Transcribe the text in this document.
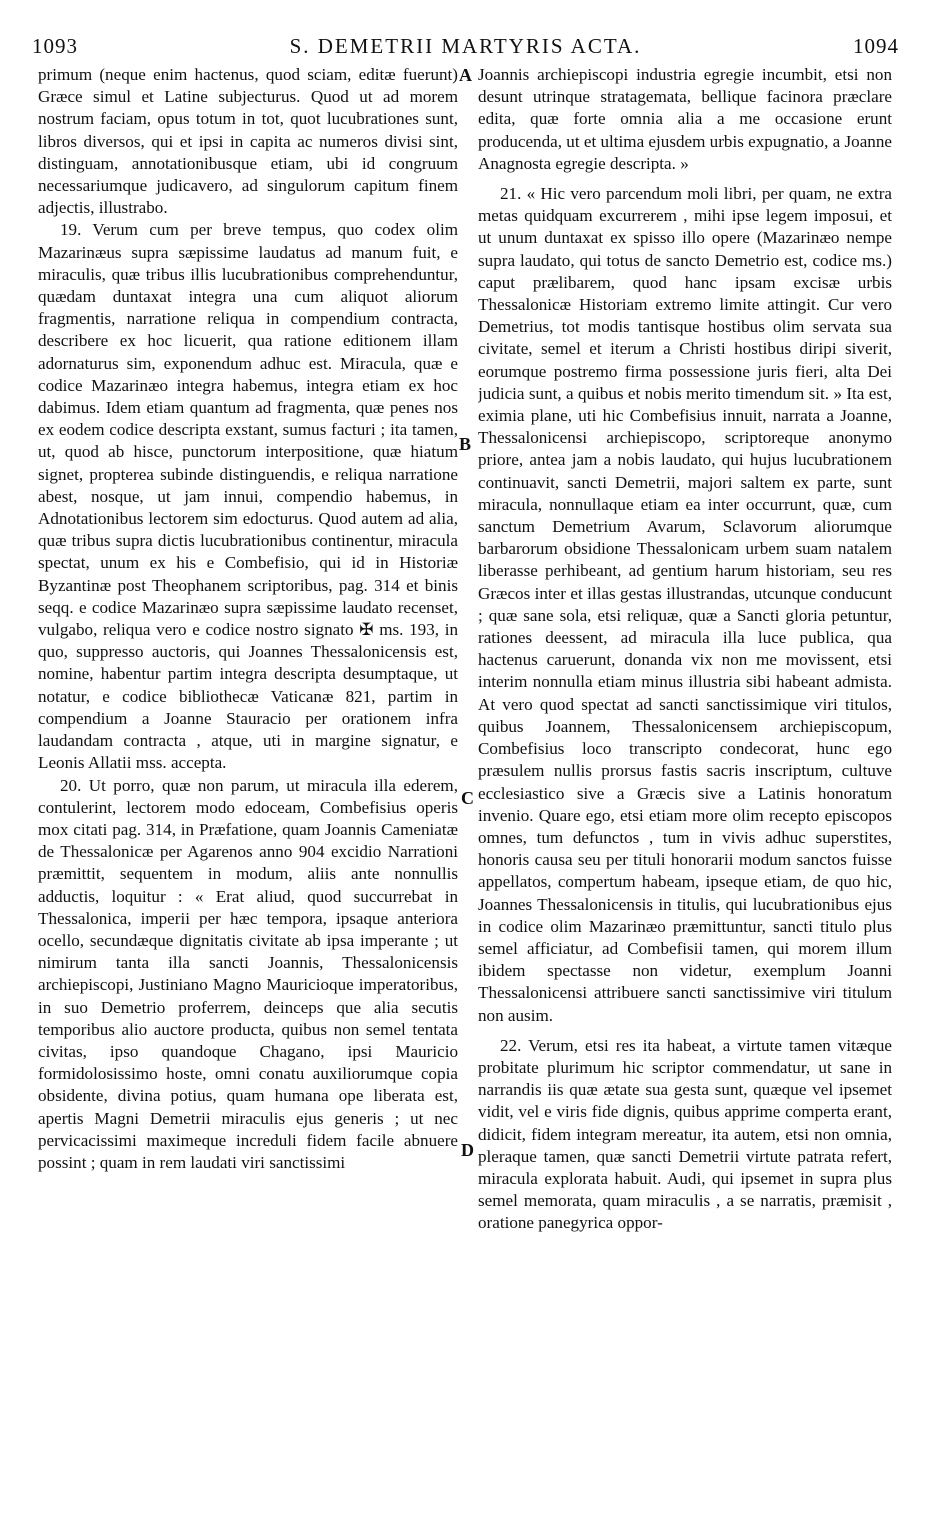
1093	S. DEMETRII MARTYRIS ACTA.	1094

primum (neque enim hactenus, quod sciam, editæ fuerunt) Græce simul et Latine subjecturus. Quod ut ad morem nostrum faciam, opus totum in tot, quot lucubrationes sunt, libros diversos, qui et ipsi in capita ac numeros divisi sint, distinguam, annotationibusque etiam, ubi id congruum necessariumque judicavero, ad singulorum capitum finem adjectis, illustrabo.

19. Verum cum per breve tempus, quo codex olim Mazarinæus supra sæpissime laudatus ad manum fuit, e miraculis, quæ tribus illis lucubrationibus comprehenduntur, quædam duntaxat integra una cum aliquot aliorum fragmentis, narratione reliqua in compendium contracta, describere ex hoc licuerit, qua ratione editionem illam adornaturus sim, exponendum adhuc est. Miracula, quæ e codice Mazarinæo integra habemus, integra etiam ex hoc dabimus. Idem etiam quantum ad fragmenta, quæ penes nos ex eodem codice descripta exstant, sumus facturi ; ita tamen, ut, quod ab hisce, punctorum interpositione, quæ hiatum signet, propterea subinde distinguendis, e reliqua narratione abest, nosque, ut jam innui, compendio habemus, in Adnotationibus lectorem sim edocturus. Quod autem ad alia, quæ tribus supra dictis lucubrationibus continentur, miracula spectat, unum ex his e Combefisio, qui id in Historiæ Byzantinæ post Theophanem scriptoribus, pag. 314 et binis seqq. e codice Mazarinæo supra sæpissime laudato recenset, vulgabo, reliqua vero e codice nostro signato ✠ ms. 193, in quo, suppresso auctoris, qui Joannes Thessalonicensis est, nomine, habentur partim integra descripta desumptaque, ut notatur, e codice bibliothecæ Vaticanæ 821, partim in compendium a Joanne Stauracio per orationem infra laudandam contracta , atque, uti in margine signatur, e Leonis Allatii mss. accepta.

20. Ut porro, quæ non parum, ut miracula illa ederem, contulerint, lectorem modo edoceam, Combefisius operis mox citati pag. 314, in Præfatione, quam Joannis Cameniatæ de Thessalonicæ per Agarenos anno 904 excidio Narrationi præmittit, sequentem in modum, aliis ante nonnullis adductis, loquitur : « Erat aliud, quod succurrebat in Thessalonica, imperii per hæc tempora, ipsaque anteriora ocello, secundæque dignitatis civitate ab ipsa imperante ; ut nimirum tanta illa sancti Joannis, Thessalonicensis archiepiscopi, Justiniano Magno Mauricioque imperatoribus, in suo Demetrio proferrem, deinceps que alia secutis temporibus alio auctore producta, quibus non semel tentata civitas, ipso quandoque Chagano, ipsi Mauricio formidolosissimo hoste, omni conatu auxiliorumque copia obsidente, divina potius, quam humana ope liberata est, apertis Magni Demetrii miraculis ejus generis ; ut nec pervicacissimi maximeque increduli fidem facile abnuere possint ; quam in rem laudati viri sanctissimi

Joannis archiepiscopi industria egregie incumbit, etsi non desunt utrinque stratagemata, bellique facinora præclare edita, quæ forte omnia alia a me occasione erunt producenda, ut et ultima ejusdem urbis expugnatio, a Joanne Anagnosta egregie descripta. »

21. « Hic vero parcendum moli libri, per quam, ne extra metas quidquam excurrerem , mihi ipse legem imposui, et ut unum duntaxat ex spisso illo opere (Mazarinæo nempe supra laudato, qui totus de sancto Demetrio est, codice ms.) caput prælibarem, quod hanc ipsam excisæ urbis Thessalonicæ Historiam extremo limite attingit. Cur vero Demetrius, tot modis tantisque hostibus olim servata sua civitate, semel et iterum a Christi hostibus diripi siverit, eorumque postremo firma possessione juris fieri, alta Dei judicia sunt, a quibus et nobis merito timendum sit. » Ita est, eximia plane, uti hic Combefisius innuit, narrata a Joanne, Thessalonicensi archiepiscopo, scriptoreque anonymo priore, antea jam a nobis laudato, qui hujus lucubrationem continuavit, sancti Demetrii, majori saltem ex parte, sunt miracula, nonnullaque etiam ea inter occurrunt, quæ, cum sanctum Demetrium Avarum, Sclavorum aliorumque barbarorum obsidione Thessalonicam urbem suam natalem liberasse perhibeant, ad gentium harum historiam, seu res Græcos inter et illas gestas illustrandas, utcunque conducunt ; quæ sane sola, etsi reliquæ, quæ a Sancti gloria petuntur, rationes deessent, ad miracula illa luce publica, qua hactenus caruerunt, donanda vix non me movissent, etsi interim nonnulla etiam minus illustria sibi habeant admista. At vero quod spectat ad sancti sanctissimique viri titulos, quibus Joannem, Thessalonicensem archiepiscopum, Combefisius loco transcripto condecorat, hunc ego præsulem nullis prorsus fastis sacris inscriptum, cultuve ecclesiastico sive a Græcis sive a Latinis honoratum invenio. Quare ego, etsi etiam more olim recepto episcopos omnes, tum defunctos , tum in vivis adhuc superstites, honoris causa seu per tituli honorarii modum sanctos fuisse appellatos, compertum habeam, ipseque etiam, de quo hic, Joannes Thessalonicensis in titulis, qui lucubrationibus ejus in codice olim Mazarinæo præmittuntur, sancti titulo plus semel afficiatur, ad Combefisii tamen, qui morem illum ibidem spectasse non videtur, exemplum Joanni Thessalonicensi attribuere sancti sanctissimive viri titulum non ausim.

22. Verum, etsi res ita habeat, a virtute tamen vitæque probitate plurimum hic scriptor commendatur, ut sane in narrandis iis quæ ætate sua gesta sunt, quæque vel ipsemet vidit, vel e viris fide dignis, quibus apprime comperta erant, didicit, fidem integram mereatur, ita autem, etsi non omnia, pleraque tamen, quæ sancti Demetrii virtute patrata refert, miracula explorata habuit. Audi, qui ipsemet in supra plus semel memorata, quam miraculis , a se narratis, præmisit , oratione panegyrica oppor-

A
B
C
D
